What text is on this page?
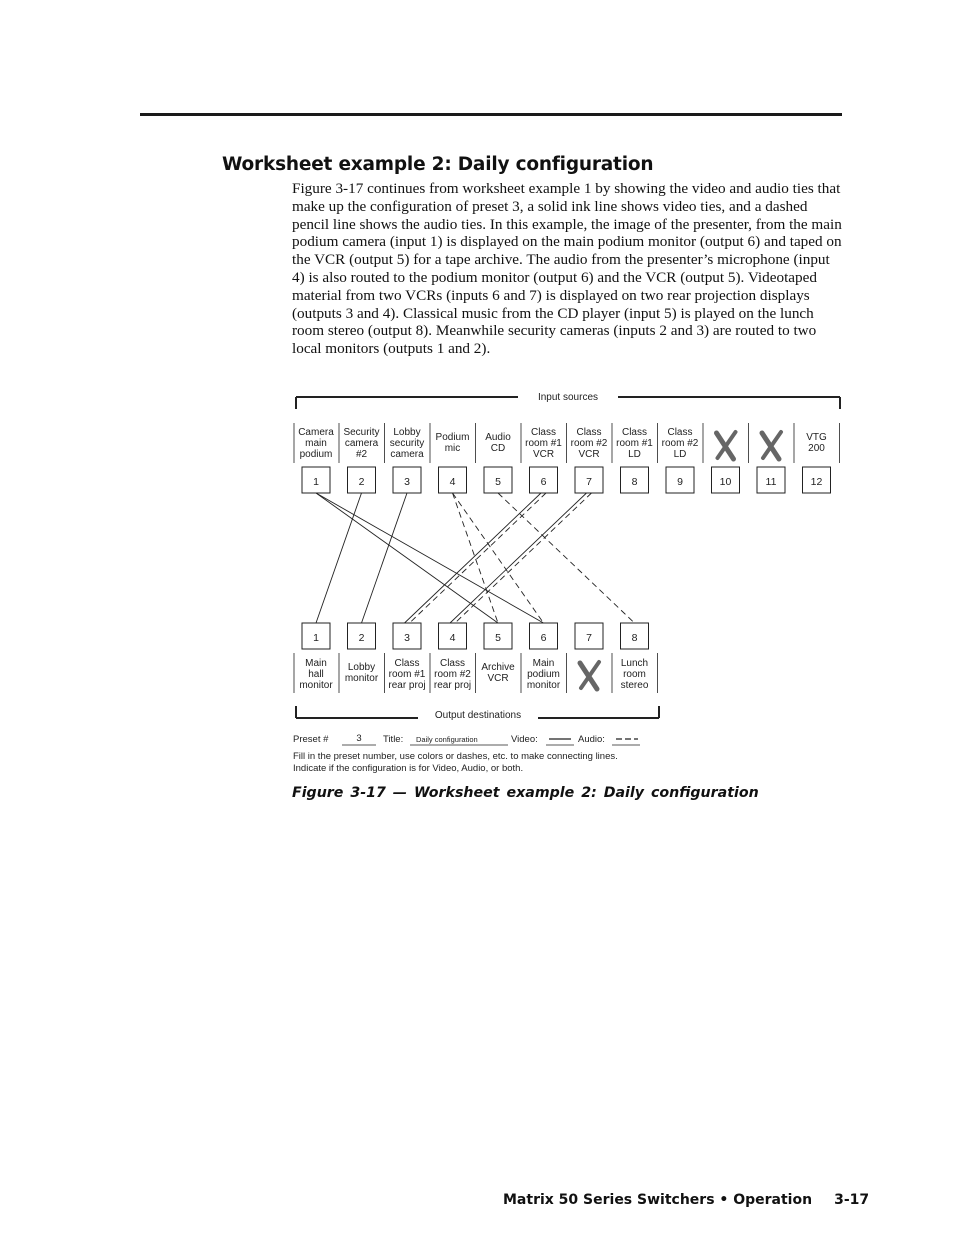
Worksheet example 2: Daily configuration
Figure 3-17 continues from worksheet example 1 by showing the video and audio ties that make up the configuration of preset 3, a solid ink line shows video ties, and a dashed pencil line shows the audio ties. In this example, the image of the presenter, from the main podium camera (input 1) is displayed on the main podium monitor (output 6) and taped on the VCR (output 5) for a tape archive. The audio from the presenter’s microphone (input 4) is also routed to the podium monitor (output 6) and the VCR (output 5). Videotaped material from two VCRs (inputs 6 and 7) is displayed on two rear projection displays (outputs 3 and 4). Classical music from the CD player (input 5) is played on the lunch room stereo (output 8). Meanwhile security cameras (inputs 2 and 3) are routed to two local monitors (outputs 1 and 2).
Input sources
Output destinations
Camera
main
podium
1
Security
camera
#2
2
Lobby
security
camera
3
Podium
mic
4
Audio
CD
5
Class
room #1
VCR
6
Class
room #2
VCR
7
Class
room #1
LD
8
Class
room #2
LD
9	10	11
VTG
200
12
1
Main
hall
monitor
2
Lobby
monitor
3
Class
room #1
rear proj
4
Class
room #2
rear proj
5
Archive
VCR
6
Main
podium
monitor
7	8
Lunch
room
stereo
Preset #	3 Title: Daily configuration	Video:	Audio:
Fill in the preset number, use colors or dashes, etc. to make connecting lines.
Indicate if the configuration is for Video, Audio, or both.
Figure 3-17 — Worksheet example 2: Daily configuration
Matrix 50 Series Switchers • Operation 3-17
